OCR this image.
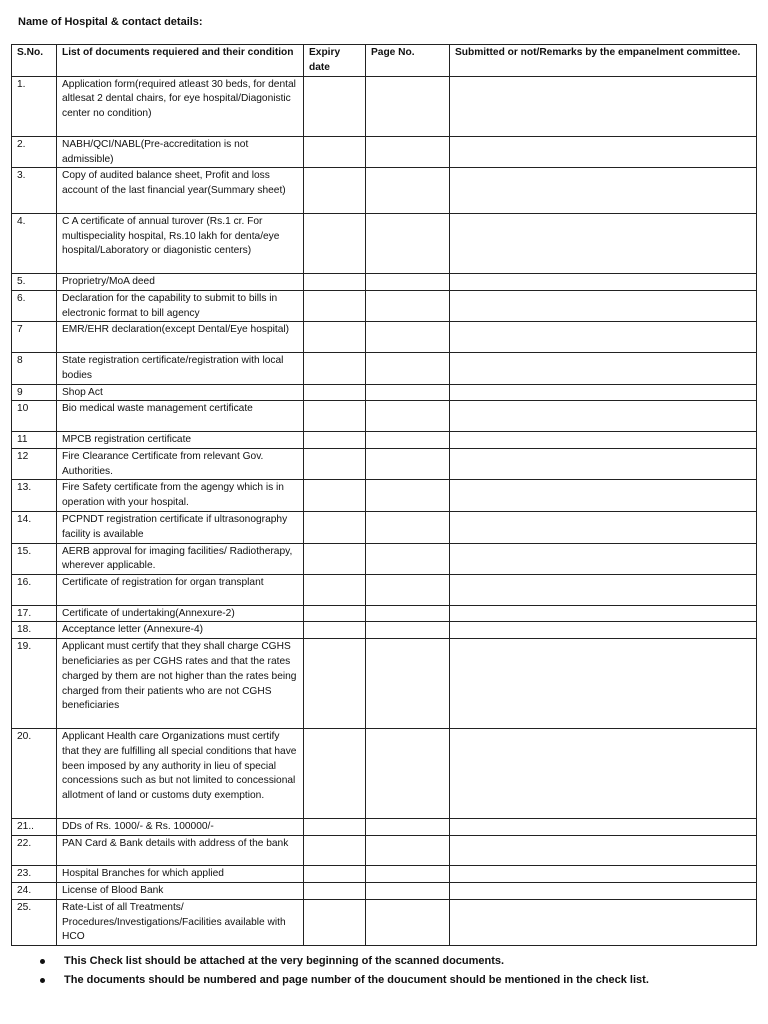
Name of Hospital & contact details:
S.No.	List of documents requiered and their condition	Expiry date	Page No.	Submitted or not/Remarks by the empanelment committee.
1.	Application form(required atleast 30 beds, for dental altlesat 2 dental chairs, for eye hospital/Diagonistic center no condition)			
2.	NABH/QCI/NABL(Pre-accreditation is not admissible)			
3.	Copy of audited balance sheet, Profit and loss account of the last financial year(Summary sheet)			
4.	C A certificate of annual turover (Rs.1 cr. For multispeciality hospital, Rs.10 lakh for denta/eye hospital/Laboratory or diagonistic centers)			
5.	Proprietry/MoA deed			
6.	Declaration for the capability to submit to bills in electronic format to bill agency			
7	EMR/EHR declaration(except Dental/Eye hospital)			
8	State registration certificate/registration with local bodies			
9	Shop Act			
10	Bio medical waste management certificate			
11	MPCB registration certificate			
12	Fire Clearance Certificate from relevant Gov. Authorities.			
13.	Fire Safety certificate from the agengy which is in operation with your hospital.			
14.	PCPNDT registration certificate if ultrasonography facility is available			
15.	AERB approval for imaging facilities/ Radiotherapy, wherever applicable.			
16.	Certificate of registration for organ transplant			
17.	Certificate of undertaking(Annexure-2)			
18.	Acceptance letter (Annexure-4)			
19.	Applicant must certify that they shall charge CGHS beneficiaries as per CGHS rates and that the rates charged by them are not higher than the rates being charged from their patients who are not CGHS beneficiaries			
20.	Applicant Health care Organizations must certify that they are fulfilling all special conditions that have been imposed by any authority in lieu of special concessions such as but not limited to concessional allotment of land or customs duty exemption.			
21..	DDs of Rs. 1000/- & Rs. 100000/-			
22.	PAN Card & Bank details with address of the bank			
23.	Hospital Branches for which applied			
24.	License of Blood Bank			
25.	Rate-List of all Treatments/ Procedures/Investigations/Facilities available with HCO			
This Check list should be attached at the very beginning of the scanned documents.
The documents should be numbered and page number of the doucument should be mentioned in the check list.
